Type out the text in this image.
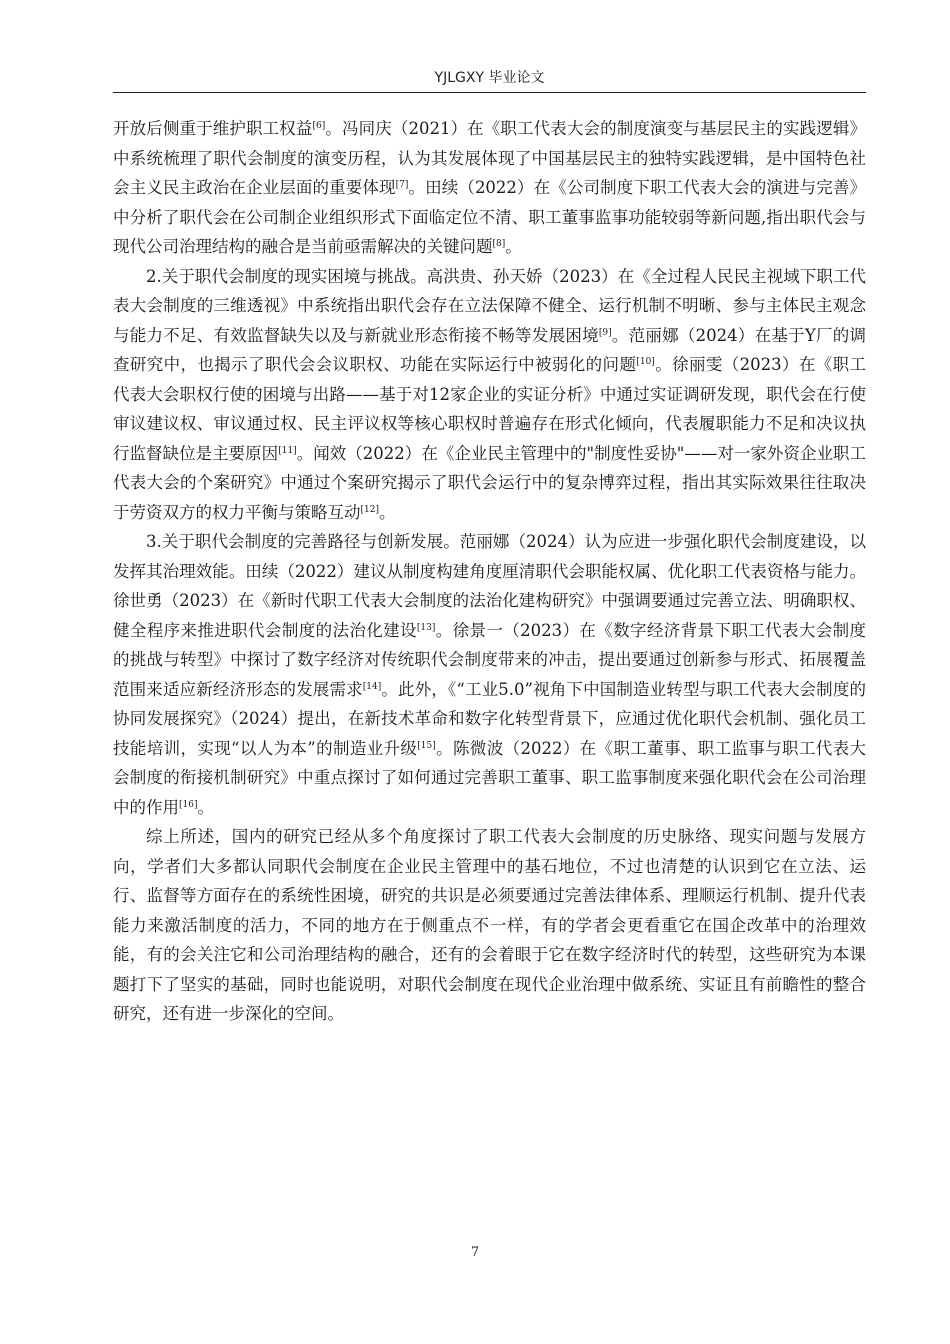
YJLGXY 毕业论文

开放后侧重于维护职工权益[6]。冯同庆（2021）在《职工代表大会的制度演变与基层民主的实践逻辑》中系统梳理了职代会制度的演变历程，认为其发展体现了中国基层民主的独特实践逻辑，是中国特色社会主义民主政治在企业层面的重要体现[7]。田续（2022）在《公司制度下职工代表大会的演进与完善》中分析了职代会在公司制企业组织形式下面临定位不清、职工董事监事功能较弱等新问题,指出职代会与现代公司治理结构的融合是当前亟需解决的关键问题[8]。

2.关于职代会制度的现实困境与挑战。高洪贵、孙天娇（2023）在《全过程人民民主视域下职工代表大会制度的三维透视》中系统指出职代会存在立法保障不健全、运行机制不明晰、参与主体民主观念与能力不足、有效监督缺失以及与新就业形态衔接不畅等发展困境[9]。范丽娜（2024）在基于Y厂的调查研究中，也揭示了职代会会议职权、功能在实际运行中被弱化的问题[10]。徐丽雯（2023）在《职工代表大会职权行使的困境与出路——基于对12家企业的实证分析》中通过实证调研发现，职代会在行使审议建议权、审议通过权、民主评议权等核心职权时普遍存在形式化倾向，代表履职能力不足和决议执行监督缺位是主要原因[11]。闻效（2022）在《企业民主管理中的"制度性妥协"——对一家外资企业职工代表大会的个案研究》中通过个案研究揭示了职代会运行中的复杂博弈过程，指出其实际效果往往取决于劳资双方的权力平衡与策略互动[12]。

3.关于职代会制度的完善路径与创新发展。范丽娜（2024）认为应进一步强化职代会制度建设，以发挥其治理效能。田续（2022）建议从制度构建角度厘清职代会职能权属、优化职工代表资格与能力。徐世勇（2023）在《新时代职工代表大会制度的法治化建构研究》中强调要通过完善立法、明确职权、健全程序来推进职代会制度的法治化建设[13]。徐景一（2023）在《数字经济背景下职工代表大会制度的挑战与转型》中探讨了数字经济对传统职代会制度带来的冲击，提出要通过创新参与形式、拓展覆盖范围来适应新经济形态的发展需求[14]。此外，《“工业5.0”视角下中国制造业转型与职工代表大会制度的协同发展探究》（2024）提出，在新技术革命和数字化转型背景下，应通过优化职代会机制、强化员工技能培训，实现“以人为本”的制造业升级[15]。陈微波（2022）在《职工董事、职工监事与职工代表大会制度的衔接机制研究》中重点探讨了如何通过完善职工董事、职工监事制度来强化职代会在公司治理中的作用[16]。

综上所述，国内的研究已经从多个角度探讨了职工代表大会制度的历史脉络、现实问题与发展方向，学者们大多都认同职代会制度在企业民主管理中的基石地位，不过也清楚的认识到它在立法、运行、监督等方面存在的系统性困境，研究的共识是必须要通过完善法律体系、理顺运行机制、提升代表能力来激活制度的活力，不同的地方在于侧重点不一样，有的学者会更看重它在国企改革中的治理效能，有的会关注它和公司治理结构的融合，还有的会着眼于它在数字经济时代的转型，这些研究为本课题打下了坚实的基础，同时也能说明，对职代会制度在现代企业治理中做系统、实证且有前瞻性的整合研究，还有进一步深化的空间。

7
